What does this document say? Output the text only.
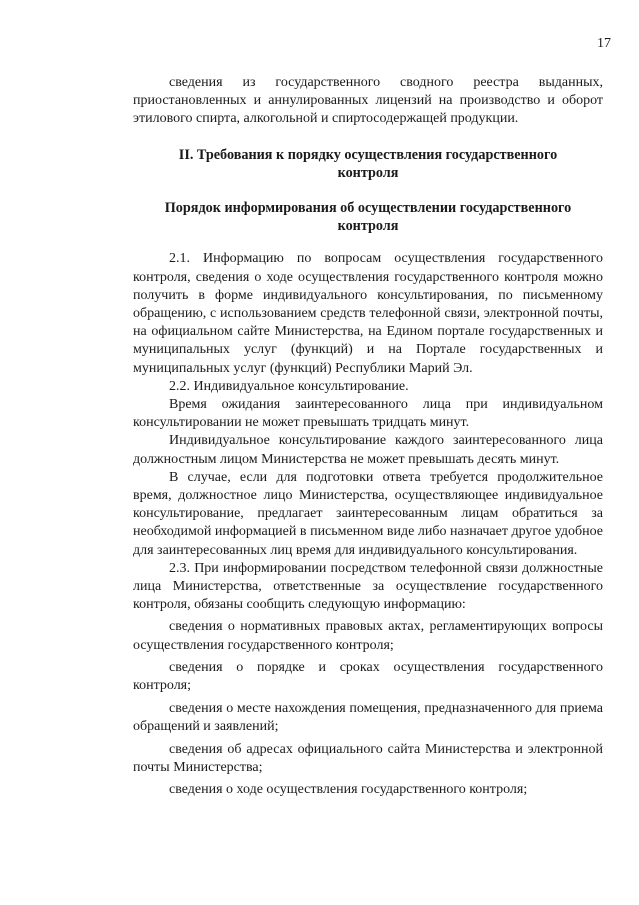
17

сведения из государственного сводного реестра выданных, приостановленных и аннулированных лицензий на производство и оборот этилового спирта, алкогольной и спиртосодержащей продукции.

II. Требования к порядку осуществления государственного контроля

Порядок информирования об осуществлении государственного контроля

2.1. Информацию по вопросам осуществления государственного контроля, сведения о ходе осуществления государственного контроля можно получить в форме индивидуального консультирования, по письменному обращению, с использованием средств телефонной связи, электронной почты, на официальном сайте Министерства, на Едином портале государственных и муниципальных услуг (функций) и на Портале государственных и муниципальных услуг (функций) Республики Марий Эл.

2.2. Индивидуальное консультирование.

Время ожидания заинтересованного лица при индивидуальном консультировании не может превышать тридцать минут.

Индивидуальное консультирование каждого заинтересованного лица должностным лицом Министерства не может превышать десять минут.

В случае, если для подготовки ответа требуется продолжительное время, должностное лицо Министерства, осуществляющее индивидуальное консультирование, предлагает заинтересованным лицам обратиться за необходимой информацией в письменном виде либо назначает другое удобное для заинтересованных лиц время для индивидуального консультирования.

2.3. При информировании посредством телефонной связи должностные лица Министерства, ответственные за осуществление государственного контроля, обязаны сообщить следующую информацию:

сведения о нормативных правовых актах, регламентирующих вопросы осуществления государственного контроля;

сведения о порядке и сроках осуществления государственного контроля;

сведения о месте нахождения помещения, предназначенного для приема обращений и заявлений;

сведения об адресах официального сайта Министерства и электронной почты Министерства;

сведения о ходе осуществления государственного контроля;
